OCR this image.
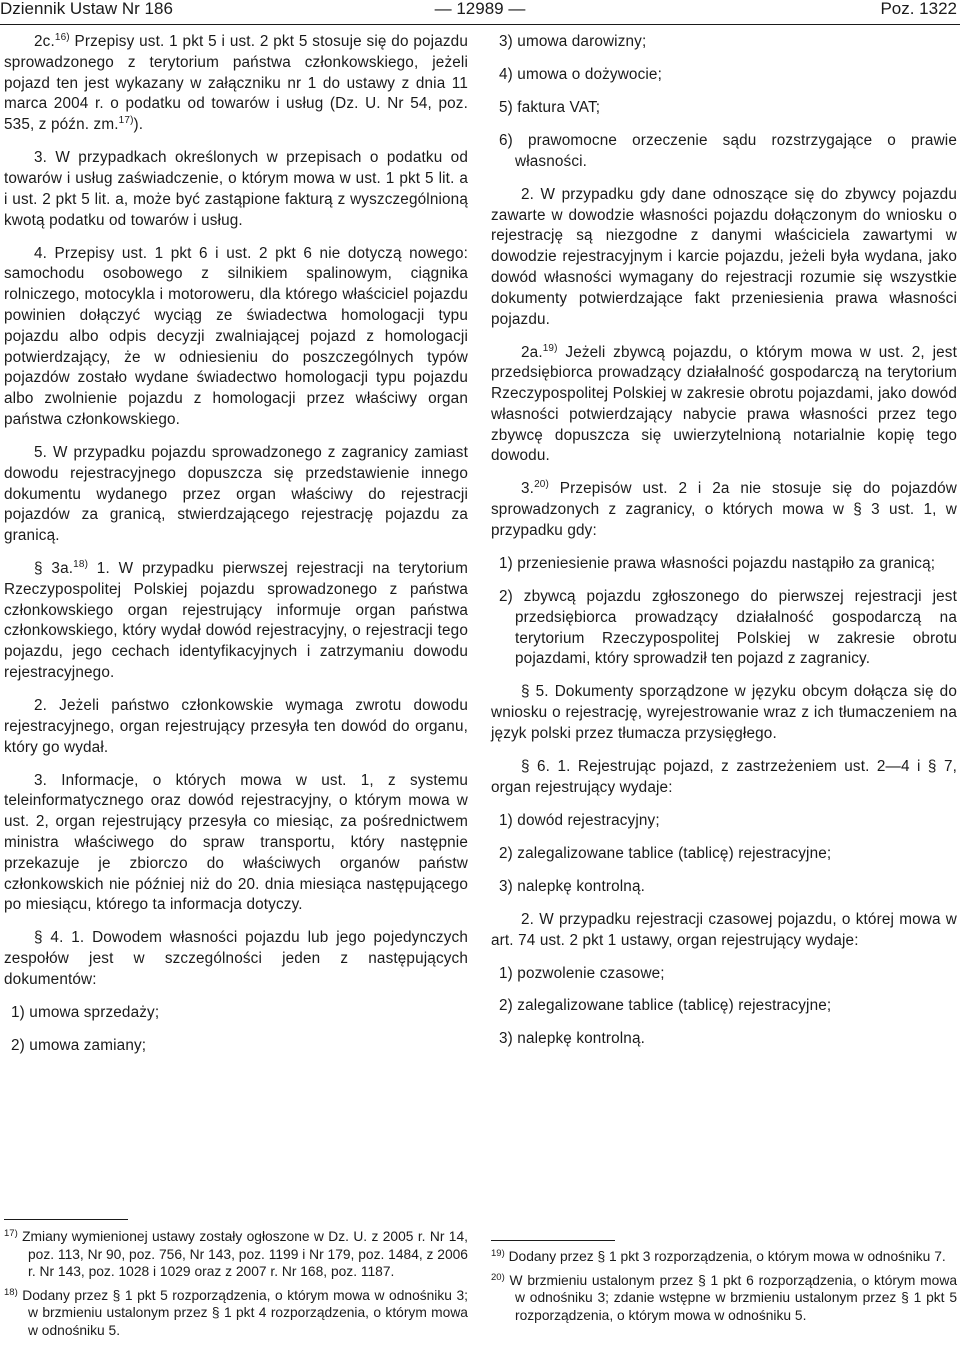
Dziennik Ustaw Nr 186	— 12989 —	Poz. 1322

2c.$^{16)}$ Przepisy ust. 1 pkt 5 i ust. 2 pkt 5 stosuje się do pojazdu sprowadzonego z terytorium państwa członkowskiego, jeżeli pojazd ten jest wykazany w załączniku nr 1 do ustawy z dnia 11 marca 2004 r. o podatku od towarów i usług (Dz. U. Nr 54, poz. 535, z późn. zm.$^{17)}$).

3. W przypadkach określonych w przepisach o podatku od towarów i usług zaświadczenie, o którym mowa w ust. 1 pkt 5 lit. a i ust. 2 pkt 5 lit. a, może być zastąpione fakturą z wyszczególnioną kwotą podatku od towarów i usług.

4. Przepisy ust. 1 pkt 6 i ust. 2 pkt 6 nie dotyczą nowego: samochodu osobowego z silnikiem spalinowym, ciągnika rolniczego, motocykla i motoroweru, dla którego właściciel pojazdu powinien dołączyć wyciąg ze świadectwa homologacji typu pojazdu albo odpis decyzji zwalniającej pojazd z homologacji potwierdzający, że w odniesieniu do poszczególnych typów pojazdów zostało wydane świadectwo homologacji typu pojazdu albo zwolnienie pojazdu z homologacji przez właściwy organ państwa członkowskiego.

5. W przypadku pojazdu sprowadzonego z zagranicy zamiast dowodu rejestracyjnego dopuszcza się przedstawienie innego dokumentu wydanego przez organ właściwy do rejestracji pojazdów za granicą, stwierdzającego rejestrację pojazdu za granicą.

§ 3a.$^{18)}$ 1. W przypadku pierwszej rejestracji na terytorium Rzeczypospolitej Polskiej pojazdu sprowadzonego z państwa członkowskiego organ rejestrujący informuje organ państwa członkowskiego, który wydał dowód rejestracyjny, o rejestracji tego pojazdu, jego cechach identyfikacyjnych i zatrzymaniu dowodu rejestracyjnego.

2. Jeżeli państwo członkowskie wymaga zwrotu dowodu rejestracyjnego, organ rejestrujący przesyła ten dowód do organu, który go wydał.

3. Informacje, o których mowa w ust. 1, z systemu teleinformatycznego oraz dowód rejestracyjny, o którym mowa w ust. 2, organ rejestrujący przesyła co miesiąc, za pośrednictwem ministra właściwego do spraw transportu, który następnie przekazuje je zbiorczo do właściwych organów państw członkowskich nie później niż do 20. dnia miesiąca następującego po miesiącu, którego ta informacja dotyczy.

§ 4. 1. Dowodem własności pojazdu lub jego pojedynczych zespołów jest w szczególności jeden z następujących dokumentów:

1) umowa sprzedaży;

2) umowa zamiany;

3) umowa darowizny;

4) umowa o dożywocie;

5) faktura VAT;

6) prawomocne orzeczenie sądu rozstrzygające o prawie własności.

2. W przypadku gdy dane odnoszące się do zbywcy pojazdu zawarte w dowodzie własności pojazdu dołączonym do wniosku o rejestrację są niezgodne z danymi właściciela zawartymi w dowodzie rejestracyjnym i karcie pojazdu, jeżeli była wydana, jako dowód własności wymagany do rejestracji rozumie się wszystkie dokumenty potwierdzające fakt przeniesienia prawa własności pojazdu.

2a.$^{19)}$ Jeżeli zbywcą pojazdu, o którym mowa w ust. 2, jest przedsiębiorca prowadzący działalność gospodarczą na terytorium Rzeczypospolitej Polskiej w zakresie obrotu pojazdami, jako dowód własności potwierdzający nabycie prawa własności przez tego zbywcę dopuszcza się uwierzytelnioną notarialnie kopię tego dowodu.

3.$^{20)}$ Przepisów ust. 2 i 2a nie stosuje się do pojazdów sprowadzonych z zagranicy, o których mowa w § 3 ust. 1, w przypadku gdy:

1) przeniesienie prawa własności pojazdu nastąpiło za granicą;

2) zbywcą pojazdu zgłoszonego do pierwszej rejestracji jest przedsiębiorca prowadzący działalność gospodarczą na terytorium Rzeczypospolitej Polskiej w zakresie obrotu pojazdami, który sprowadził ten pojazd z zagranicy.

§ 5. Dokumenty sporządzone w języku obcym dołącza się do wniosku o rejestrację, wyrejestrowanie wraz z ich tłumaczeniem na język polski przez tłumacza przysięgłego.

§ 6. 1. Rejestrując pojazd, z zastrzeżeniem ust. 2—4 i § 7, organ rejestrujący wydaje:

1) dowód rejestracyjny;

2) zalegalizowane tablice (tablicę) rejestracyjne;

3) nalepkę kontrolną.

2. W przypadku rejestracji czasowej pojazdu, o której mowa w art. 74 ust. 2 pkt 1 ustawy, organ rejestrujący wydaje:

1) pozwolenie czasowe;

2) zalegalizowane tablice (tablicę) rejestracyjne;

3) nalepkę kontrolną.

$^{17)}$ Zmiany wymienionej ustawy zostały ogłoszone w Dz. U. z 2005 r. Nr 14, poz. 113, Nr 90, poz. 756, Nr 143, poz. 1199 i Nr 179, poz. 1484, z 2006 r. Nr 143, poz. 1028 i 1029 oraz z 2007 r. Nr 168, poz. 1187.

$^{18)}$ Dodany przez § 1 pkt 5 rozporządzenia, o którym mowa w odnośniku 3; w brzmieniu ustalonym przez § 1 pkt 4 rozporządzenia, o którym mowa w odnośniku 5.

$^{19)}$ Dodany przez § 1 pkt 3 rozporządzenia, o którym mowa w odnośniku 7.

$^{20)}$ W brzmieniu ustalonym przez § 1 pkt 6 rozporządzenia, o którym mowa w odnośniku 3; zdanie wstępne w brzmieniu ustalonym przez § 1 pkt 5 rozporządzenia, o którym mowa w odnośniku 5.
